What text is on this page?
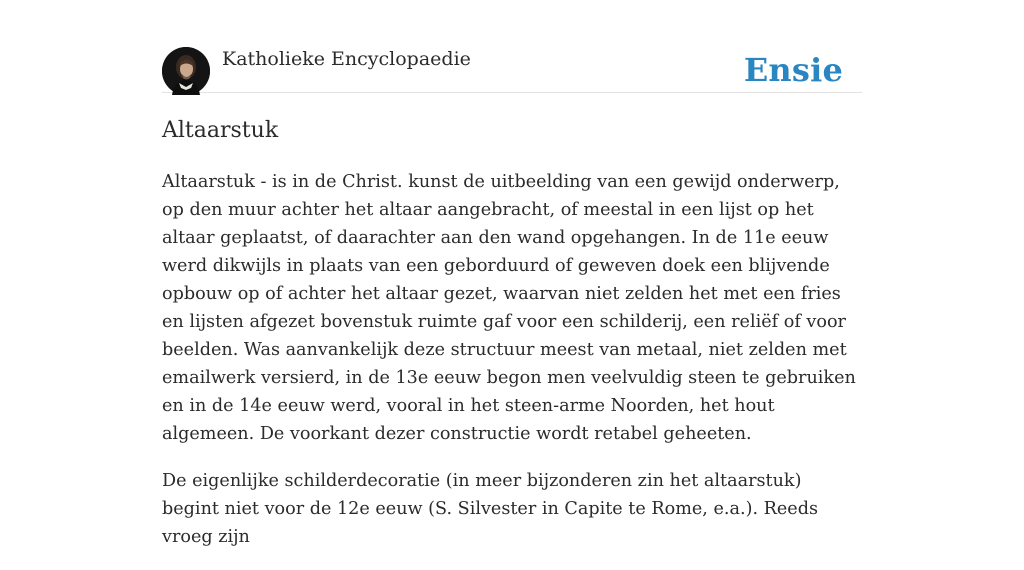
Katholieke Encyclopaedie	Ensie
Altaarstuk

Altaarstuk - is in de Christ. kunst de uitbeelding van een gewijd onderwerp, op den muur achter het altaar aangebracht, of meestal in een lijst op het altaar geplaatst, of daarachter aan den wand opgehangen. In de 11e eeuw werd dikwijls in plaats van een geborduurd of geweven doek een blijvende opbouw op of achter het altaar gezet, waarvan niet zelden het met een fries en lijsten afgezet bovenstuk ruimte gaf voor een schilderij, een reliëf of voor beelden. Was aanvankelijk deze structuur meest van metaal, niet zelden met emailwerk versierd, in de 13e eeuw begon men veelvuldig steen te gebruiken en in de 14e eeuw werd, vooral in het steen-arme Noorden, het hout algemeen. De voorkant dezer constructie wordt retabel geheeten.

De eigenlijke schilderdecoratie (in meer bijzonderen zin het altaarstuk) begint niet voor de 12e eeuw (S. Silvester in Capite te Rome, e.a.). Reeds vroeg zijn
